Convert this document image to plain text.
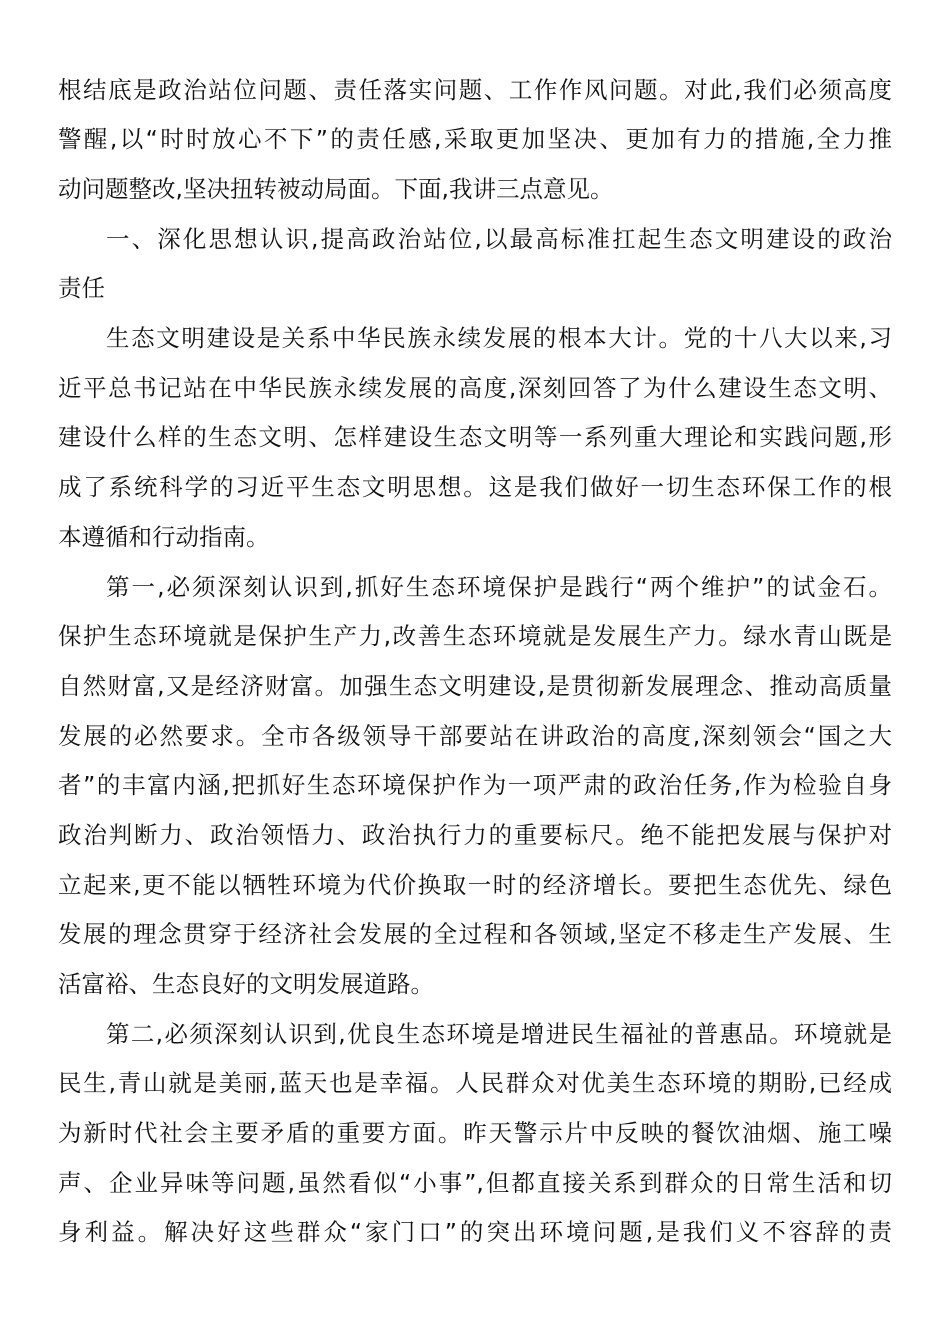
根结底是政治站位问题、责任落实问题、工作作风问题。对此,我们必须高度
警醒,以“时时放心不下”的责任感,采取更加坚决、更加有力的措施,全力推
动问题整改,坚决扭转被动局面。下面,我讲三点意见。
一、深化思想认识,提高政治站位,以最高标准扛起生态文明建设的政治
责任
生态文明建设是关系中华民族永续发展的根本大计。党的十八大以来,习
近平总书记站在中华民族永续发展的高度,深刻回答了为什么建设生态文明、
建设什么样的生态文明、怎样建设生态文明等一系列重大理论和实践问题,形
成了系统科学的习近平生态文明思想。这是我们做好一切生态环保工作的根
本遵循和行动指南。
第一,必须深刻认识到,抓好生态环境保护是践行“两个维护”的试金石。
保护生态环境就是保护生产力,改善生态环境就是发展生产力。绿水青山既是
自然财富,又是经济财富。加强生态文明建设,是贯彻新发展理念、推动高质量
发展的必然要求。全市各级领导干部要站在讲政治的高度,深刻领会“国之大
者”的丰富内涵,把抓好生态环境保护作为一项严肃的政治任务,作为检验自身
政治判断力、政治领悟力、政治执行力的重要标尺。绝不能把发展与保护对
立起来,更不能以牺牲环境为代价换取一时的经济增长。要把生态优先、绿色
发展的理念贯穿于经济社会发展的全过程和各领域,坚定不移走生产发展、生
活富裕、生态良好的文明发展道路。
第二,必须深刻认识到,优良生态环境是增进民生福祉的普惠品。环境就是
民生,青山就是美丽,蓝天也是幸福。人民群众对优美生态环境的期盼,已经成
为新时代社会主要矛盾的重要方面。昨天警示片中反映的餐饮油烟、施工噪
声、企业异味等问题,虽然看似“小事”,但都直接关系到群众的日常生活和切
身利益。解决好这些群众“家门口”的突出环境问题,是我们义不容辞的责
